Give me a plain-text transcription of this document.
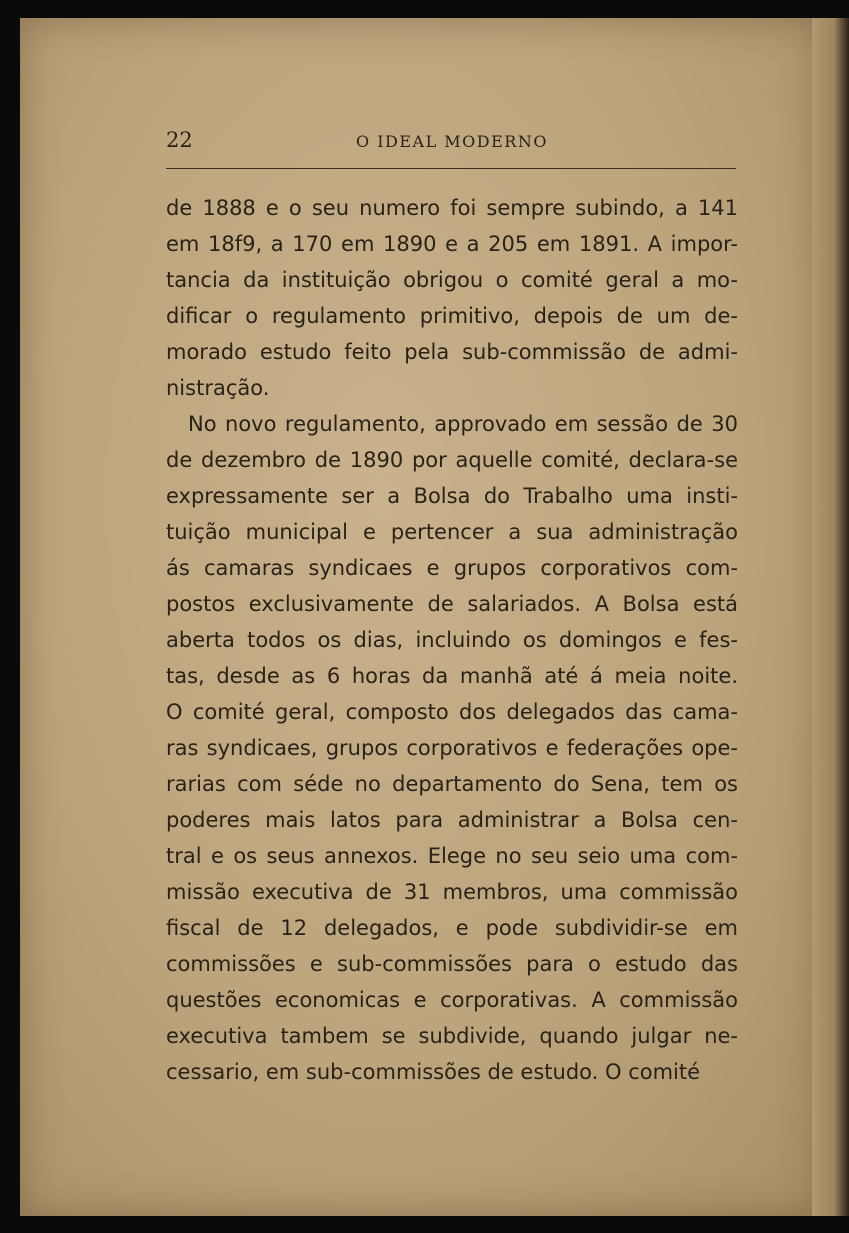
22	O IDEAL MODERNO
de 1888 e o seu numero foi sempre subindo, a 141
em 18f9, a 170 em 1890 e a 205 em 1891. A impor-
tancia da instituição obrigou o comité geral a mo-
dificar o regulamento primitivo, depois de um de-
morado estudo feito pela sub-commissão de admi-
nistração.
No novo regulamento, approvado em sessão de 30
de dezembro de 1890 por aquelle comité, declara-se
expressamente ser a Bolsa do Trabalho uma insti-
tuição municipal e pertencer a sua administração
ás camaras syndicaes e grupos corporativos com-
postos exclusivamente de salariados. A Bolsa está
aberta todos os dias, incluindo os domingos e fes-
tas, desde as 6 horas da manhã até á meia noite.
O comité geral, composto dos delegados das cama-
ras syndicaes, grupos corporativos e federações ope-
rarias com séde no departamento do Sena, tem os
poderes mais latos para administrar a Bolsa cen-
tral e os seus annexos. Elege no seu seio uma com-
missão executiva de 31 membros, uma commissão
fiscal de 12 delegados, e pode subdividir-se em
commissões e sub-commissões para o estudo das
questões economicas e corporativas. A commissão
executiva tambem se subdivide, quando julgar ne-
cessario, em sub-commissões de estudo. O comité
